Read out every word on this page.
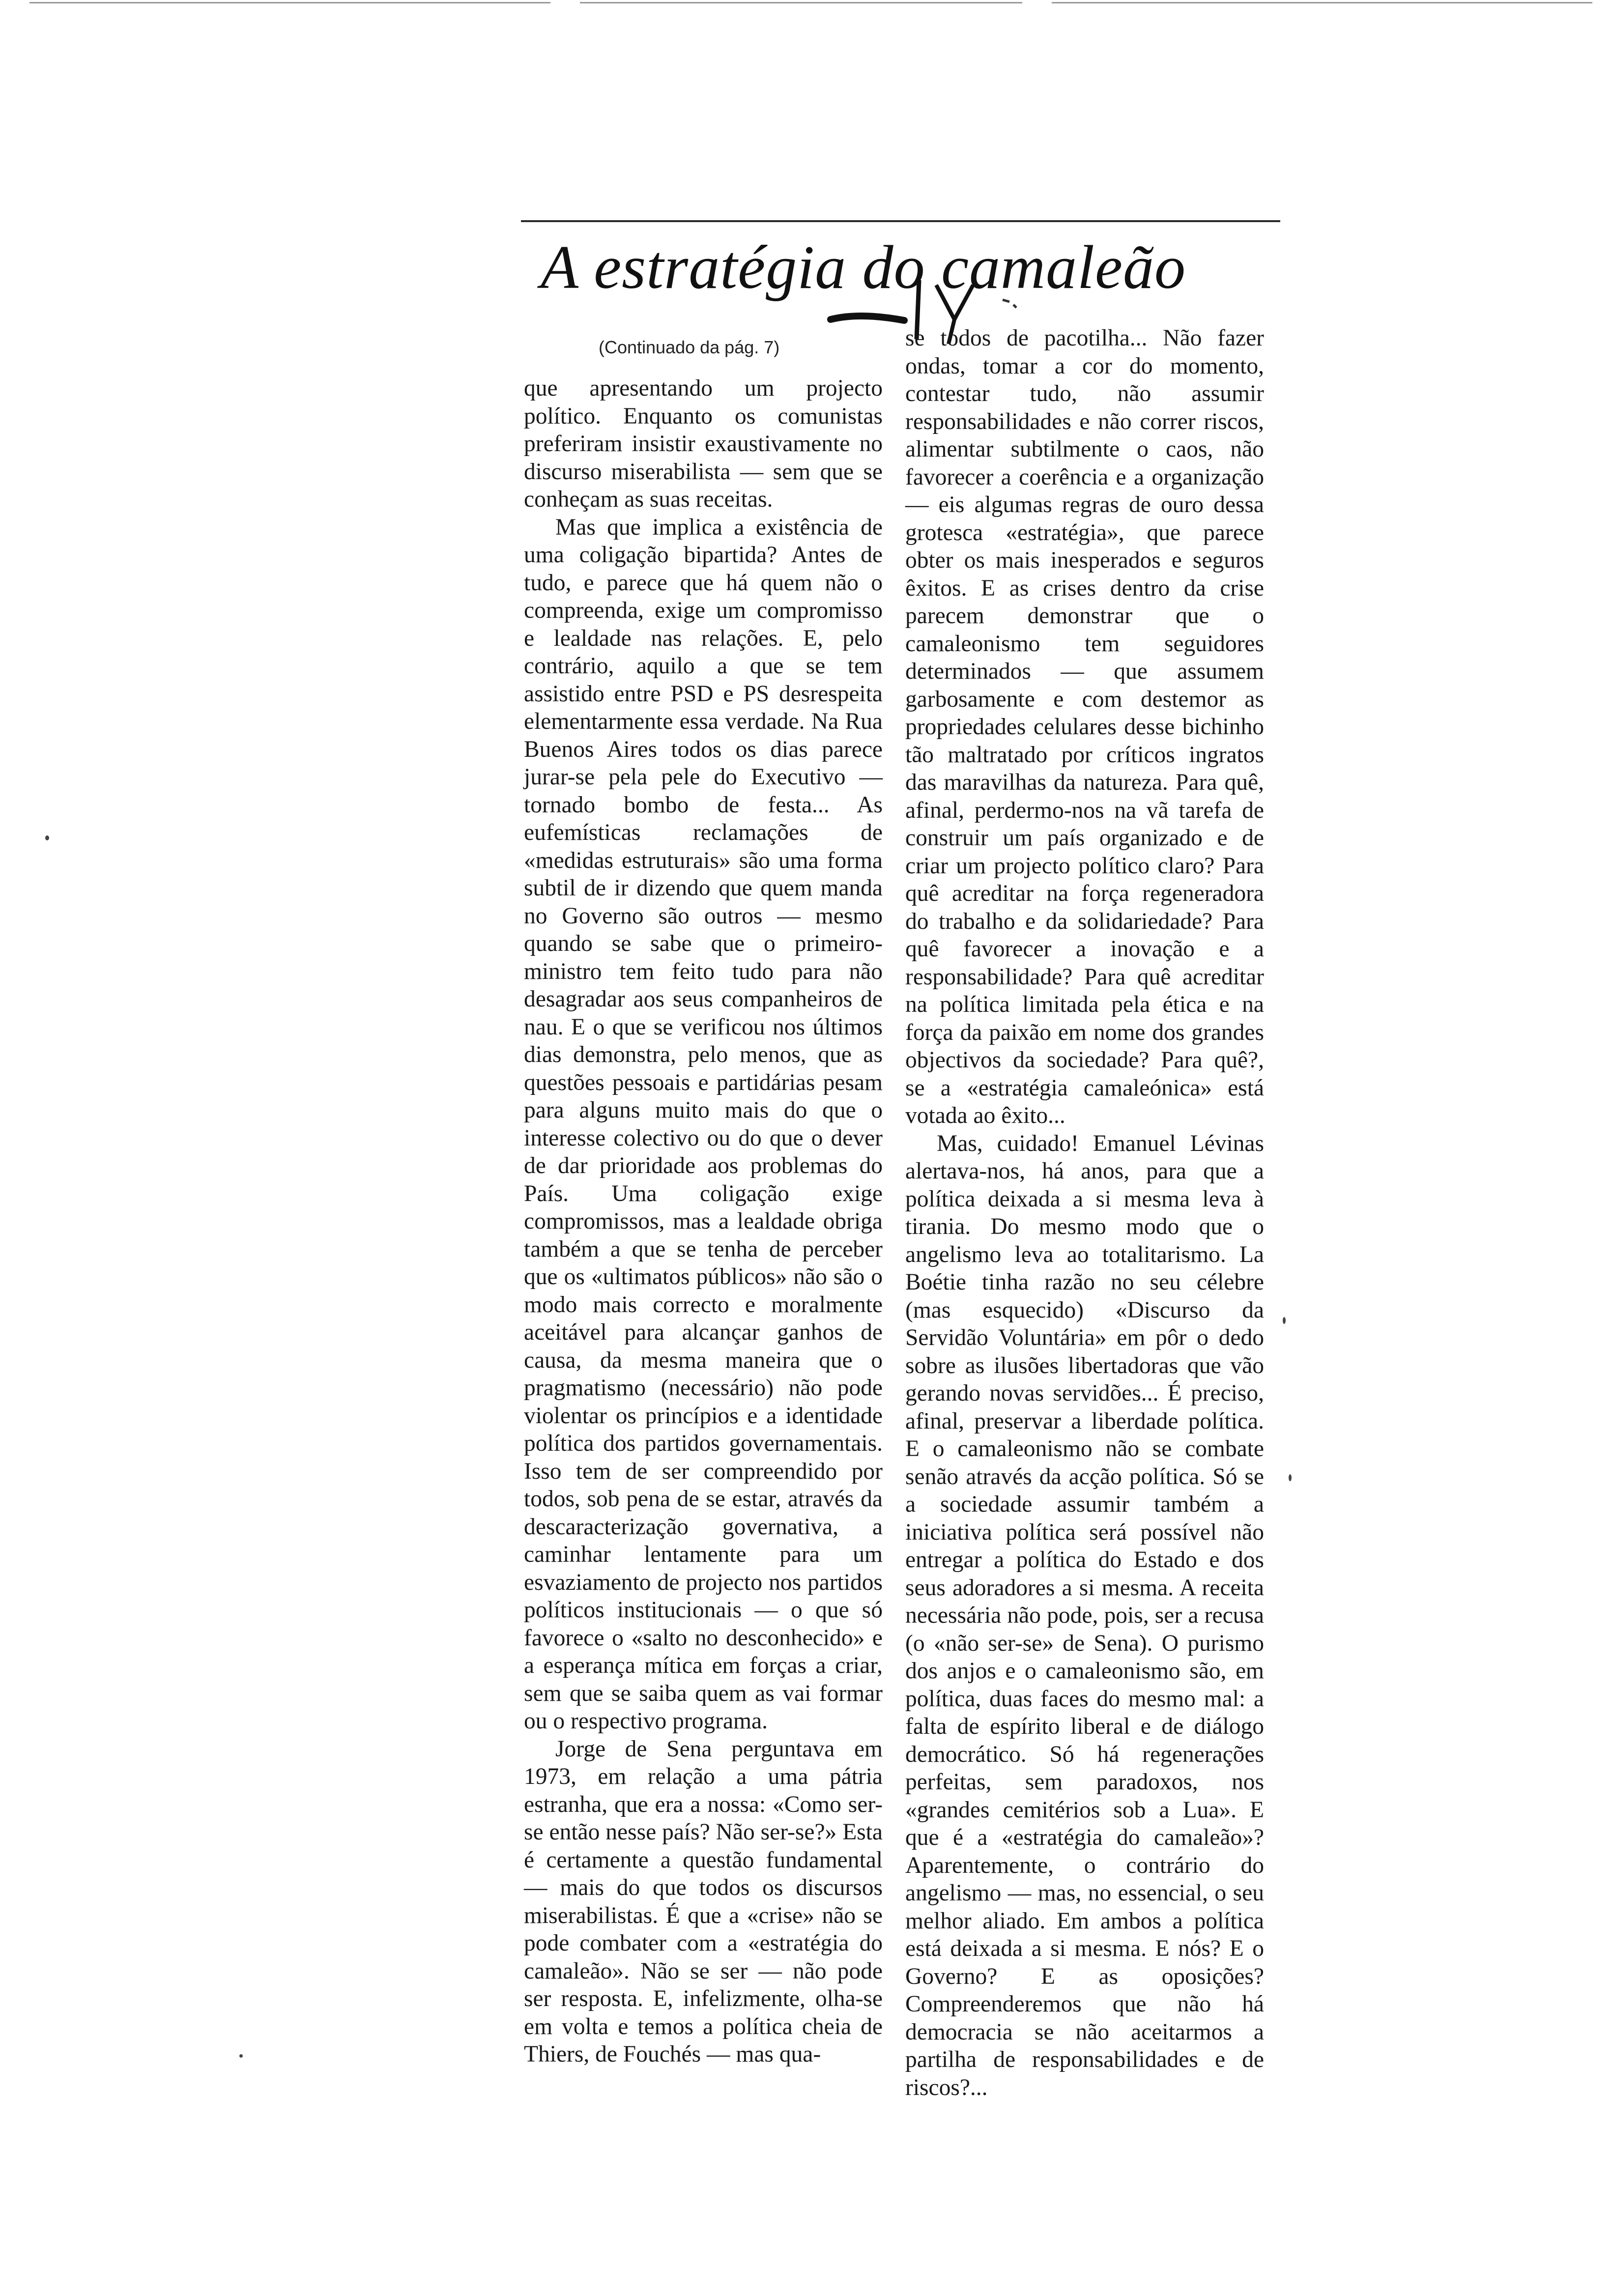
A estratégia do camaleão
(Continuado da pág. 7)

que apresentando um projecto político. Enquanto os comunistas preferiram insistir exaustivamente no discurso miserabilista — sem que se conheçam as suas receitas.

Mas que implica a existência de uma coligação bipartida? Antes de tudo, e parece que há quem não o compreenda, exige um compromisso e lealdade nas relações. E, pelo contrário, aquilo a que se tem assistido entre PSD e PS desrespeita elementarmente essa verdade. Na Rua Buenos Aires todos os dias parece jurar-se pela pele do Executivo — tornado bombo de festa... As eufemísticas reclamações de «medidas estruturais» são uma forma subtil de ir dizendo que quem manda no Governo são outros — mesmo quando se sabe que o primeiro-ministro tem feito tudo para não desagradar aos seus companheiros de nau. E o que se verificou nos últimos dias demonstra, pelo menos, que as questões pessoais e partidárias pesam para alguns muito mais do que o interesse colectivo ou do que o dever de dar prioridade aos problemas do País. Uma coligação exige compromissos, mas a lealdade obriga também a que se tenha de perceber que os «ultimatos públicos» não são o modo mais correcto e moralmente aceitável para alcançar ganhos de causa, da mesma maneira que o pragmatismo (necessário) não pode violentar os princípios e a identidade política dos partidos governamentais. Isso tem de ser compreendido por todos, sob pena de se estar, através da descaracterização governativa, a caminhar lentamente para um esvaziamento de projecto nos partidos políticos institucionais — o que só favorece o «salto no desconhecido» e a esperança mítica em forças a criar, sem que se saiba quem as vai formar ou o respectivo programa.

Jorge de Sena perguntava em 1973, em relação a uma pátria estranha, que era a nossa: «Como ser-se então nesse país? Não ser-se?» Esta é certamente a questão fundamental — mais do que todos os discursos miserabilistas. É que a «crise» não se pode combater com a «estratégia do camaleão». Não se ser — não pode ser resposta. E, infelizmente, olha-se em volta e temos a política cheia de Thiers, de Fouchés — mas qua-

se todos de pacotilha... Não fazer ondas, tomar a cor do momento, contestar tudo, não assumir responsabilidades e não correr riscos, alimentar subtilmente o caos, não favorecer a coerência e a organização — eis algumas regras de ouro dessa grotesca «estratégia», que parece obter os mais inesperados e seguros êxitos. E as crises dentro da crise parecem demonstrar que o camaleonismo tem seguidores determinados — que assumem garbosamente e com destemor as propriedades celulares desse bichinho tão maltratado por críticos ingratos das maravilhas da natureza. Para quê, afinal, perdermo-nos na vã tarefa de construir um país organizado e de criar um projecto político claro? Para quê acreditar na força regeneradora do trabalho e da solidariedade? Para quê favorecer a inovação e a responsabilidade? Para quê acreditar na política limitada pela ética e na força da paixão em nome dos grandes objectivos da sociedade? Para quê?, se a «estratégia camaleónica» está votada ao êxito...

Mas, cuidado! Emanuel Lévinas alertava-nos, há anos, para que a política deixada a si mesma leva à tirania. Do mesmo modo que o angelismo leva ao totalitarismo. La Boétie tinha razão no seu célebre (mas esquecido) «Discurso da Servidão Voluntária» em pôr o dedo sobre as ilusões libertadoras que vão gerando novas servidões... É preciso, afinal, preservar a liberdade política. E o camaleonismo não se combate senão através da acção política. Só se a sociedade assumir também a iniciativa política será possível não entregar a política do Estado e dos seus adoradores a si mesma. A receita necessária não pode, pois, ser a recusa (o «não ser-se» de Sena). O purismo dos anjos e o camaleonismo são, em política, duas faces do mesmo mal: a falta de espírito liberal e de diálogo democrático. Só há regenerações perfeitas, sem paradoxos, nos «grandes cemitérios sob a Lua». E que é a «estratégia do camaleão»? Aparentemente, o contrário do angelismo — mas, no essencial, o seu melhor aliado. Em ambos a política está deixada a si mesma. E nós? E o Governo? E as oposições? Compreenderemos que não há democracia se não aceitarmos a partilha de responsabilidades e de riscos?...
